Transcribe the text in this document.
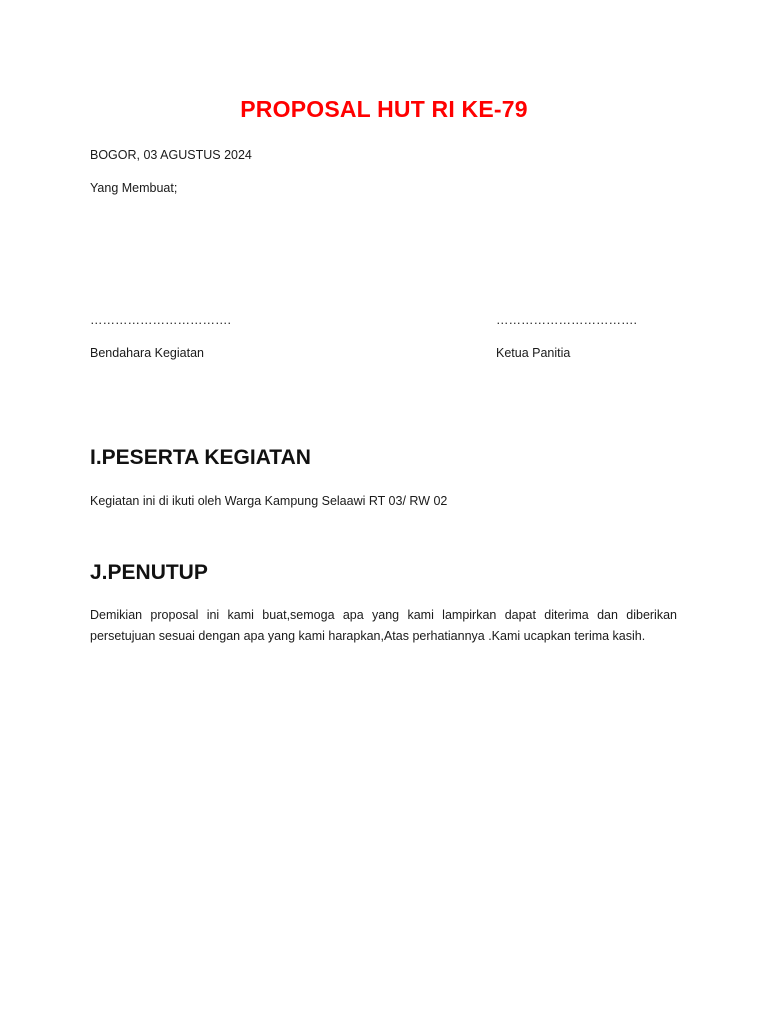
PROPOSAL HUT RI KE-79
BOGOR, 03 AGUSTUS 2024
Yang Membuat;
…………………………….	…………………………….
Bendahara Kegiatan	Ketua Panitia
I.PESERTA KEGIATAN
Kegiatan ini di ikuti oleh Warga Kampung Selaawi RT 03/ RW 02
J.PENUTUP
Demikian proposal ini kami buat,semoga apa yang kami lampirkan dapat diterima dan diberikan persetujuan sesuai dengan apa yang kami harapkan,Atas perhatiannya .Kami ucapkan terima kasih.
